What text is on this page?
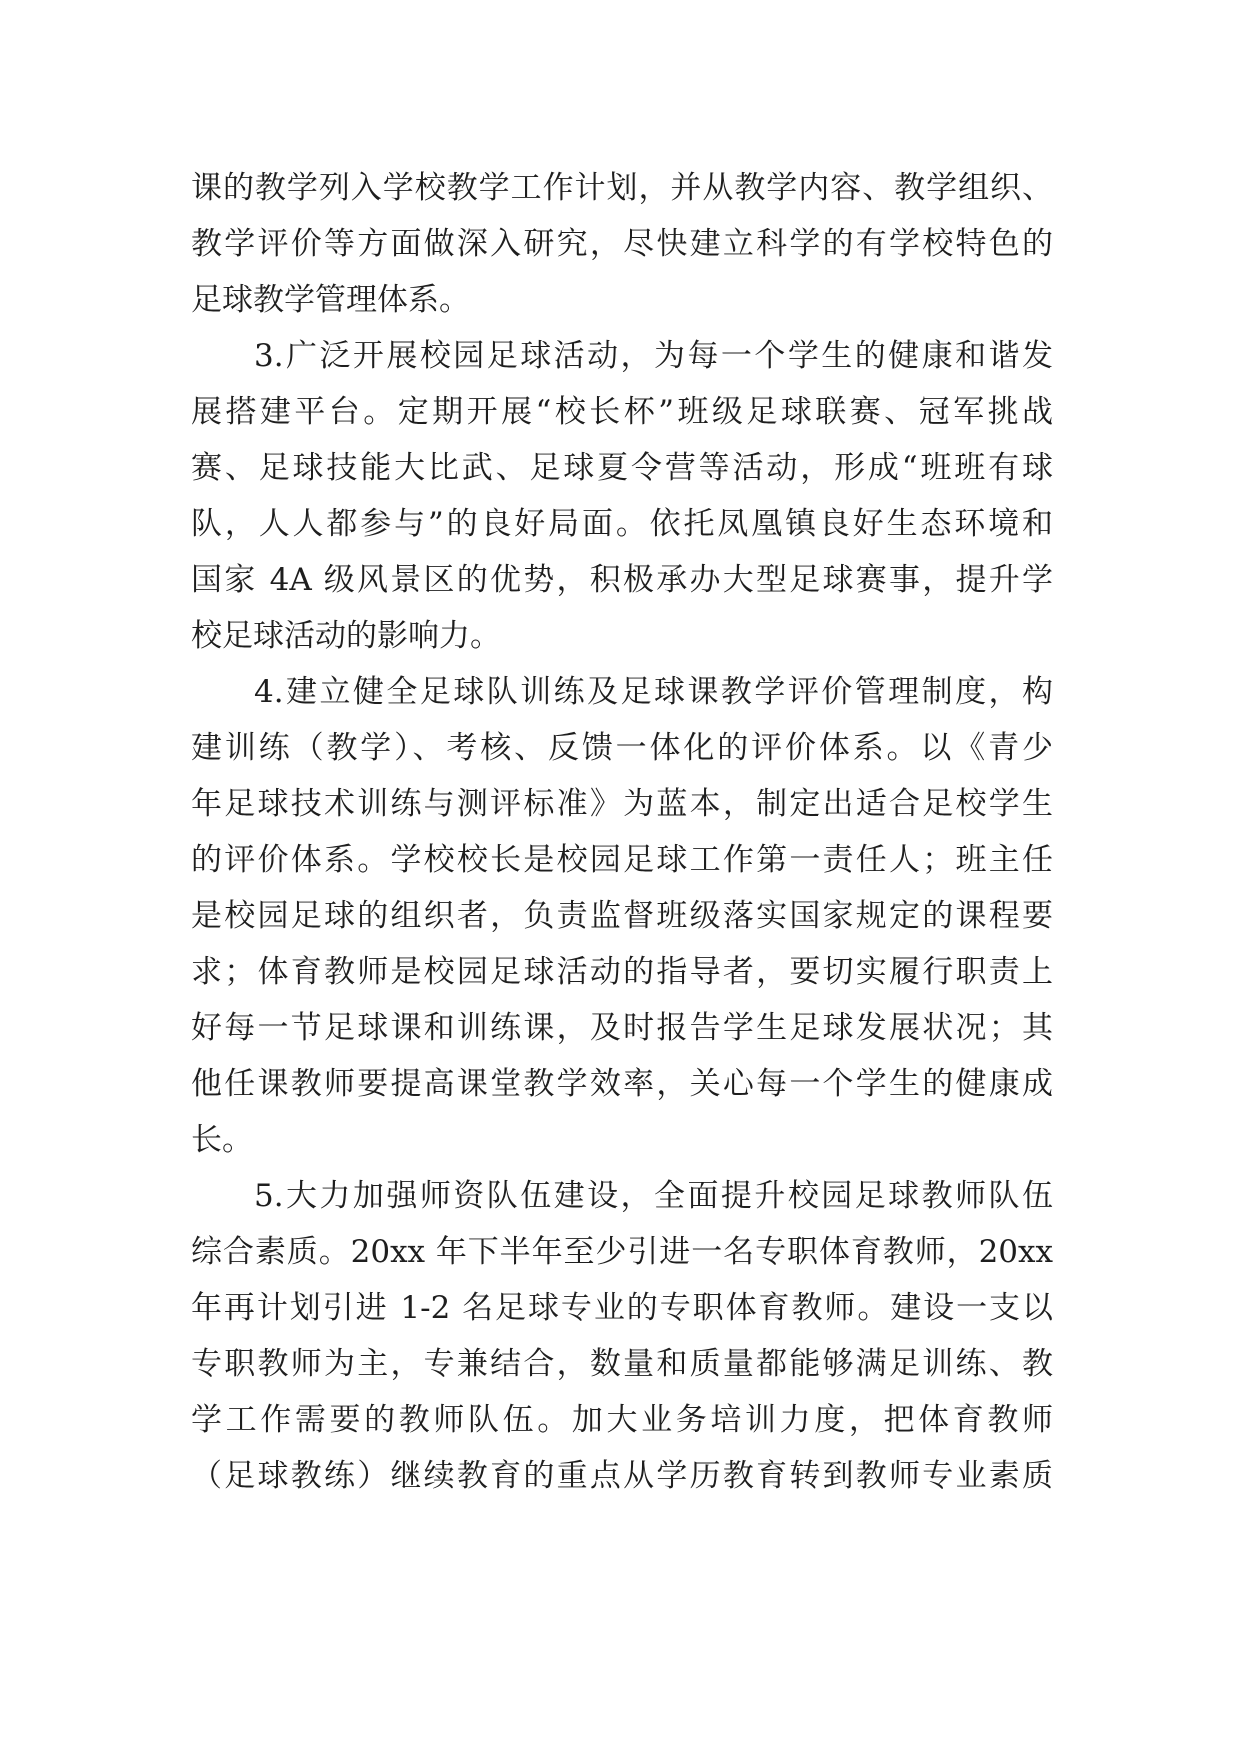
课的教学列入学校教学工作计划，并从教学内容、教学组织、
教学评价等方面做深入研究，尽快建立科学的有学校特色的
足球教学管理体系。
3.广泛开展校园足球活动，为每一个学生的健康和谐发
展搭建平台。定期开展“校长杯”班级足球联赛、冠军挑战
赛、足球技能大比武、足球夏令营等活动，形成“班班有球
队，人人都参与”的良好局面。依托凤凰镇良好生态环境和
国家 4A 级风景区的优势，积极承办大型足球赛事，提升学
校足球活动的影响力。
4.建立健全足球队训练及足球课教学评价管理制度，构
建训练（教学）、考核、反馈一体化的评价体系。以《青少
年足球技术训练与测评标准》为蓝本，制定出适合足校学生
的评价体系。学校校长是校园足球工作第一责任人；班主任
是校园足球的组织者，负责监督班级落实国家规定的课程要
求；体育教师是校园足球活动的指导者，要切实履行职责上
好每一节足球课和训练课，及时报告学生足球发展状况；其
他任课教师要提高课堂教学效率，关心每一个学生的健康成
长。
5.大力加强师资队伍建设，全面提升校园足球教师队伍
综合素质。20xx 年下半年至少引进一名专职体育教师，20xx
年再计划引进 1-2 名足球专业的专职体育教师。建设一支以
专职教师为主，专兼结合，数量和质量都能够满足训练、教
学工作需要的教师队伍。加大业务培训力度，把体育教师
（足球教练）继续教育的重点从学历教育转到教师专业素质
